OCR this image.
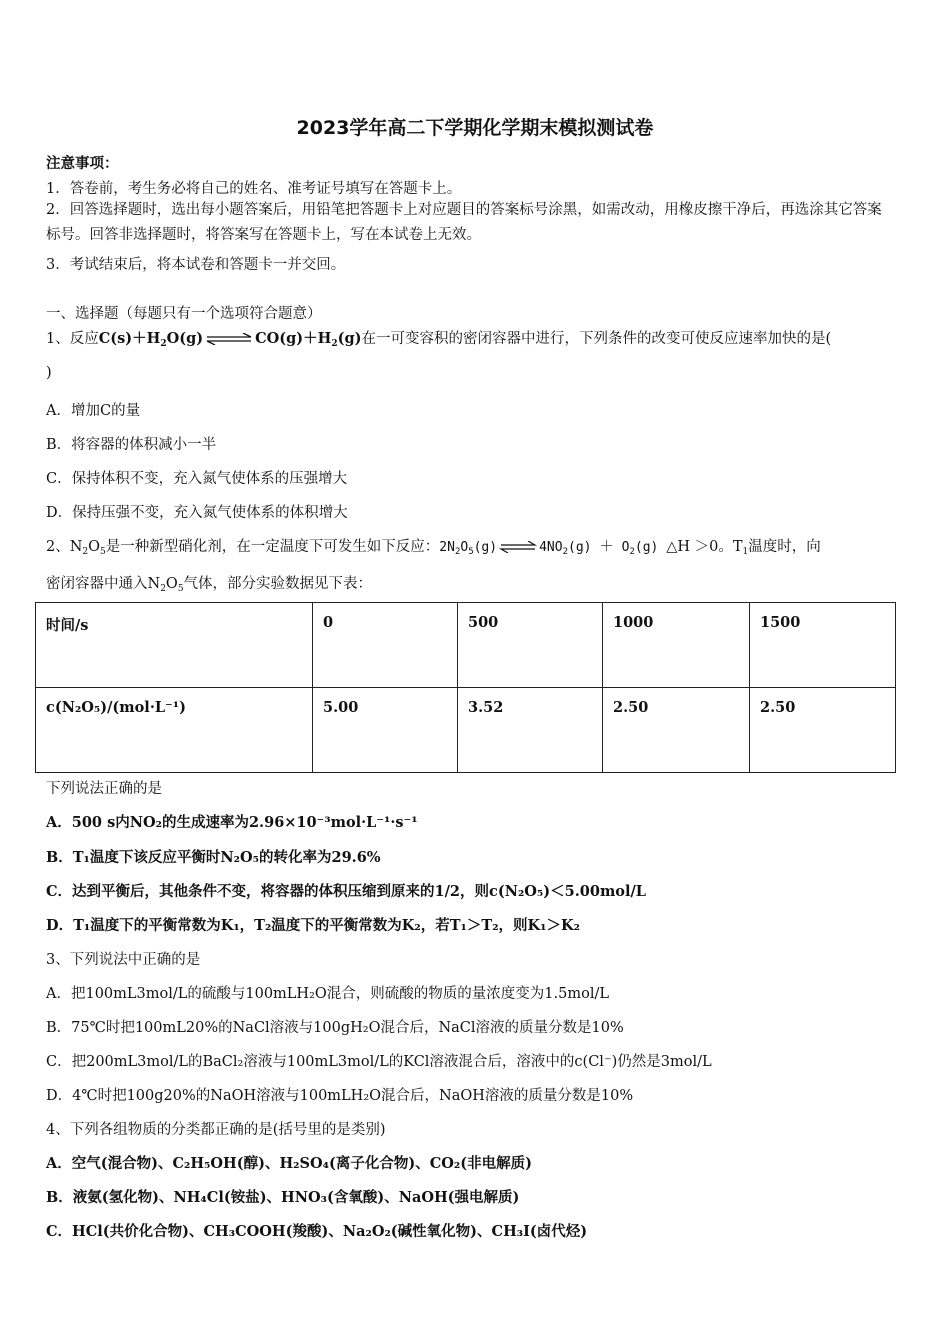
2023学年高二下学期化学期末模拟测试卷
注意事项：
1．答卷前，考生务必将自己的姓名、准考证号填写在答题卡上。
2．回答选择题时，选出每小题答案后，用铅笔把答题卡上对应题目的答案标号涂黑，如需改动，用橡皮擦干净后，再选涂其它答案标号。回答非选择题时，将答案写在答题卡上，写在本试卷上无效。
3．考试结束后，将本试卷和答题卡一并交回。
一、选择题（每题只有一个选项符合题意）
1、反应$C(s)+H_2O(g)$ ⇌ $CO(g)+H_2(g)$在一可变容积的密闭容器中进行，下列条件的改变可使反应速率加快的是(
)
A．增加C的量
B．将容器的体积减小一半
C．保持体积不变，充入氮气使体系的压强增大
D．保持压强不变，充入氮气使体系的体积增大
2、$N_2O_5$是一种新型硝化剂，在一定温度下可发生如下反应：$2N_2O_5(g)$ ⇌ $4NO_2(g) + O_2(g)$ △H ＞0。$T_1$温度时，向
密闭容器中通入$N_2O_5$气体，部分实验数据见下表：
时间/s	0	500	1000	1500
c(N₂O₅)/(mol·L⁻¹)	5.00	3.52	2.50	2.50
下列说法正确的是
A．500 s内NO₂的生成速率为2.96×10⁻³mol·L⁻¹·s⁻¹
B．T₁温度下该反应平衡时N₂O₅的转化率为29.6%
C．达到平衡后，其他条件不变，将容器的体积压缩到原来的1/2，则c(N₂O₅)＜5.00mol/L
D．T₁温度下的平衡常数为K₁，T₂温度下的平衡常数为K₂，若T₁＞T₂，则K₁＞K₂
3、下列说法中正确的是
A．把100mL3mol/L的硫酸与100mLH₂O混合，则硫酸的物质的量浓度变为1.5mol/L
B．75℃时把100mL20%的NaCl溶液与100gH₂O混合后，NaCl溶液的质量分数是10%
C．把200mL3mol/L的BaCl₂溶液与100mL3mol/L的KCl溶液混合后，溶液中的c(Cl⁻)仍然是3mol/L
D．4℃时把100g20%的NaOH溶液与100mLH₂O混合后，NaOH溶液的质量分数是10%
4、下列各组物质的分类都正确的是(括号里的是类别)
A．空气(混合物)、C₂H₅OH(醇)、H₂SO₄(离子化合物)、CO₂(非电解质)
B．液氨(氢化物)、NH₄Cl(铵盐)、HNO₃(含氧酸)、NaOH(强电解质)
C．HCl(共价化合物)、CH₃COOH(羧酸)、Na₂O₂(碱性氧化物)、CH₃I(卤代烃)
